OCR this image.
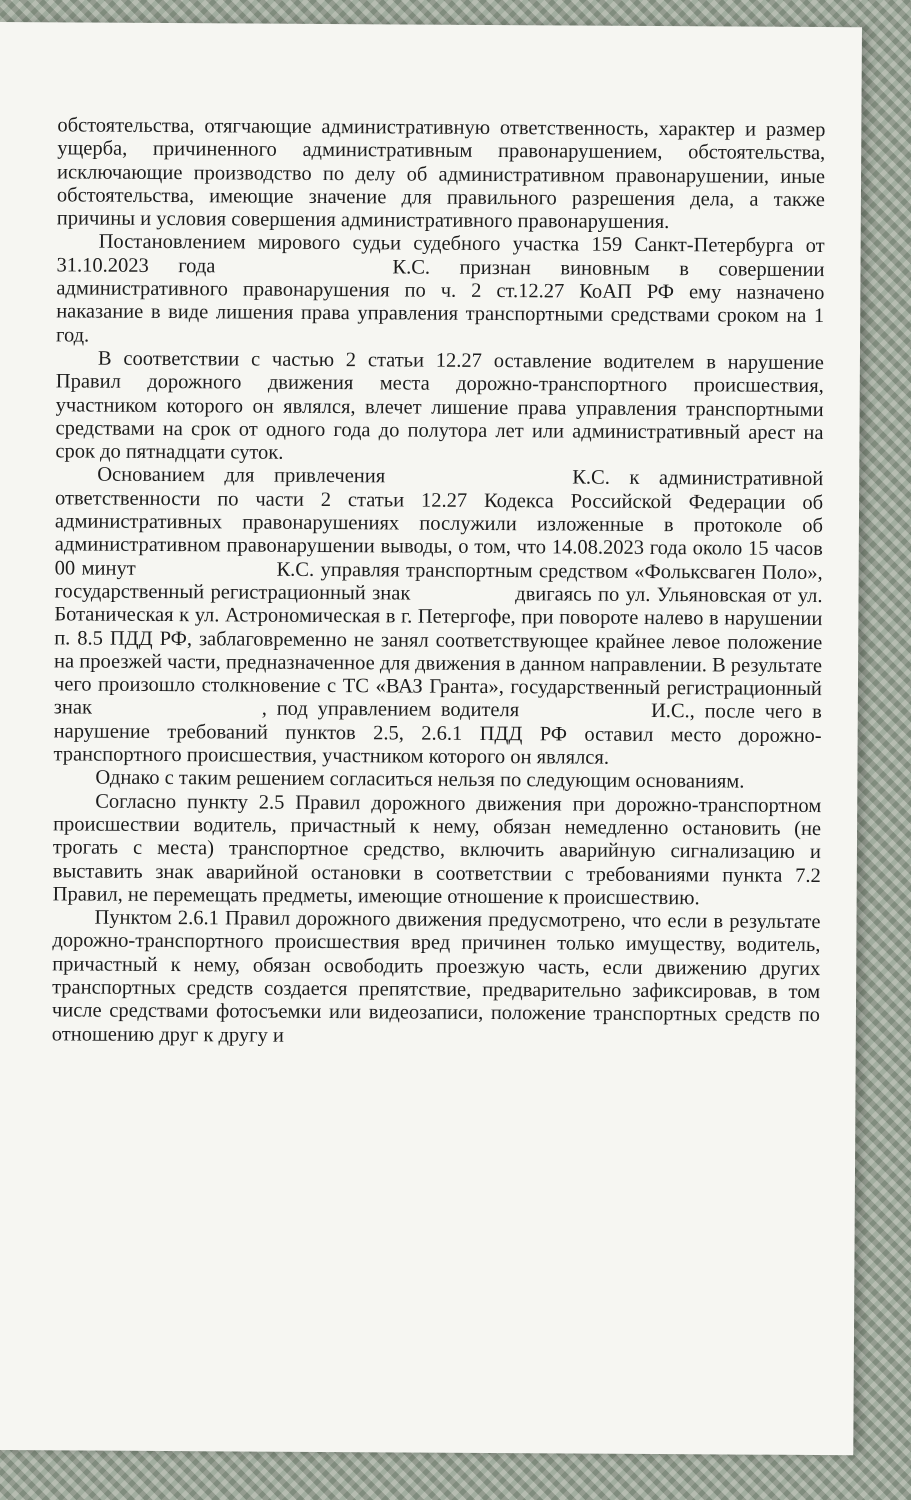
обстоятельства, отягчающие административную ответственность, характер и размер ущерба, причиненного административным правонарушением, обстоятельства, исключающие производство по делу об административном правонарушении, иные обстоятельства, имеющие значение для правильного разрешения дела, а также причины и условия совершения административного правонарушения.

Постановлением мирового судьи судебного участка 159 Санкт-Петербурга от 31.10.2023 года	К.С. признан виновным в совершении административного правонарушения по ч. 2 ст.12.27 КоАП РФ ему назначено наказание в виде лишения права управления транспортными средствами сроком на 1 год.

В соответствии с частью 2 статьи 12.27 оставление водителем в нарушение Правил дорожного движения места дорожно-транспортного происшествия, участником которого он являлся, влечет лишение права управления транспортными средствами на срок от одного года до полутора лет или административный арест на срок до пятнадцати суток.

Основанием для привлечения	К.С. к административной ответственности по части 2 статьи 12.27 Кодекса Российской Федерации об административных правонарушениях послужили изложенные в протоколе об административном правонарушении выводы, о том, что 14.08.2023 года около 15 часов 00 минут	К.С. управляя транспортным средством «Фольксваген Поло», государственный регистрационный знак	двигаясь по ул. Ульяновская от ул. Ботаническая к ул. Астрономическая в г. Петергофе, при повороте налево в нарушении п. 8.5 ПДД РФ, заблаговременно не занял соответствующее крайнее левое положение на проезжей части, предназначенное для движения в данном направлении. В результате чего произошло столкновение с ТС «ВАЗ Гранта», государственный регистрационный знак	, под управлением водителя	И.С., после чего в нарушение требований пунктов 2.5, 2.6.1 ПДД РФ оставил место дорожно-транспортного происшествия, участником которого он являлся.

Однако с таким решением согласиться нельзя по следующим основаниям.

Согласно пункту 2.5 Правил дорожного движения при дорожно-транспортном происшествии водитель, причастный к нему, обязан немедленно остановить (не трогать с места) транспортное средство, включить аварийную сигнализацию и выставить знак аварийной остановки в соответствии с требованиями пункта 7.2 Правил, не перемещать предметы, имеющие отношение к происшествию.

Пунктом 2.6.1 Правил дорожного движения предусмотрено, что если в результате дорожно-транспортного происшествия вред причинен только имуществу, водитель, причастный к нему, обязан освободить проезжую часть, если движению других транспортных средств создается препятствие, предварительно зафиксировав, в том числе средствами фотосъемки или видеозаписи, положение транспортных средств по отношению друг к другу и
